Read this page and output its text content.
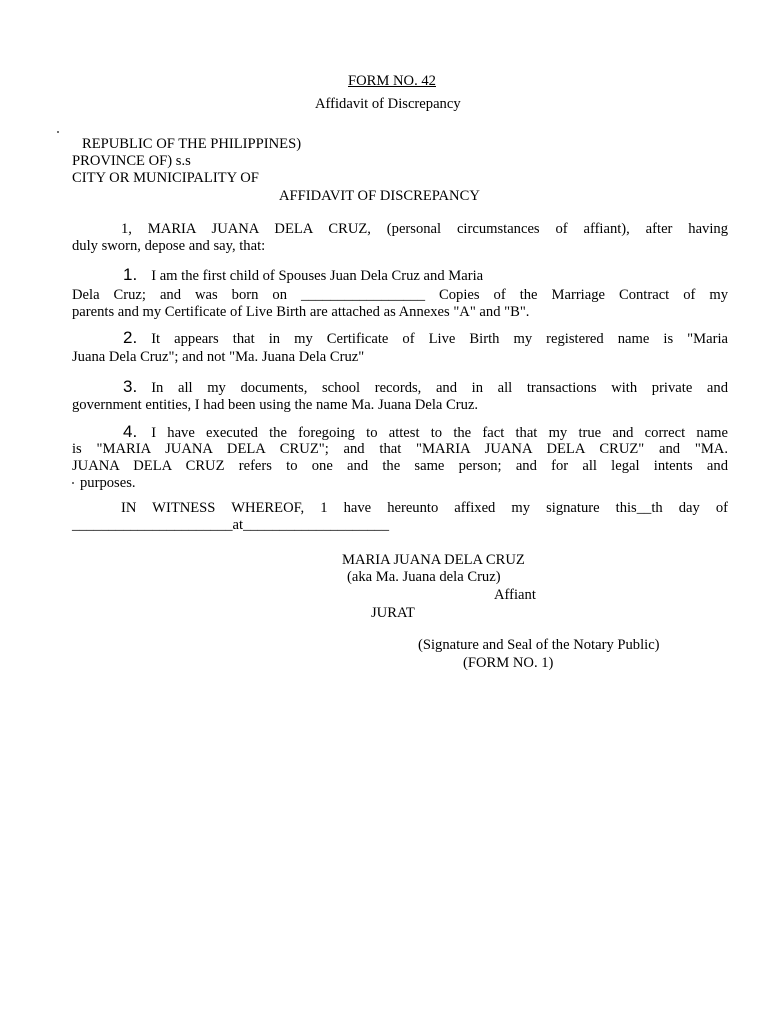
FORM NO. 42

Affidavit of Discrepancy

REPUBLIC OF THE PHILIPPINES)

PROVINCE OF) s.s

CITY OR MUNICIPALITY OF

AFFIDAVIT OF DISCREPANCY

1, MARIA JUANA DELA CRUZ, (personal circumstances of affiant), after having

duly sworn, depose and say, that:

1. I am the first child of Spouses Juan Dela Cruz and Maria

Dela Cruz; and was born on _________________ Copies of the Marriage Contract of my

parents and my Certificate of Live Birth are attached as Annexes "A" and "B".

2. It appears that in my Certificate of Live Birth my registered name is "Maria

Juana Dela Cruz"; and not "Ma. Juana Dela Cruz"

3. In all my documents, school records, and in all transactions with private and

government entities, I had been using the name Ma. Juana Dela Cruz.

4. I have executed the foregoing to attest to the fact that my true and correct name

is "MARIA JUANA DELA CRUZ"; and that "MARIA JUANA DELA CRUZ" and "MA.

JUANA DELA CRUZ refers to one and the same person; and for all legal intents and

purposes.

IN WITNESS WHEREOF, 1 have hereunto affixed my signature this__th day of

______________________at____________________

MARIA JUANA DELA CRUZ

(aka Ma. Juana dela Cruz)

Affiant

JURAT

(Signature and Seal of the Notary Public)

(FORM NO. 1)
